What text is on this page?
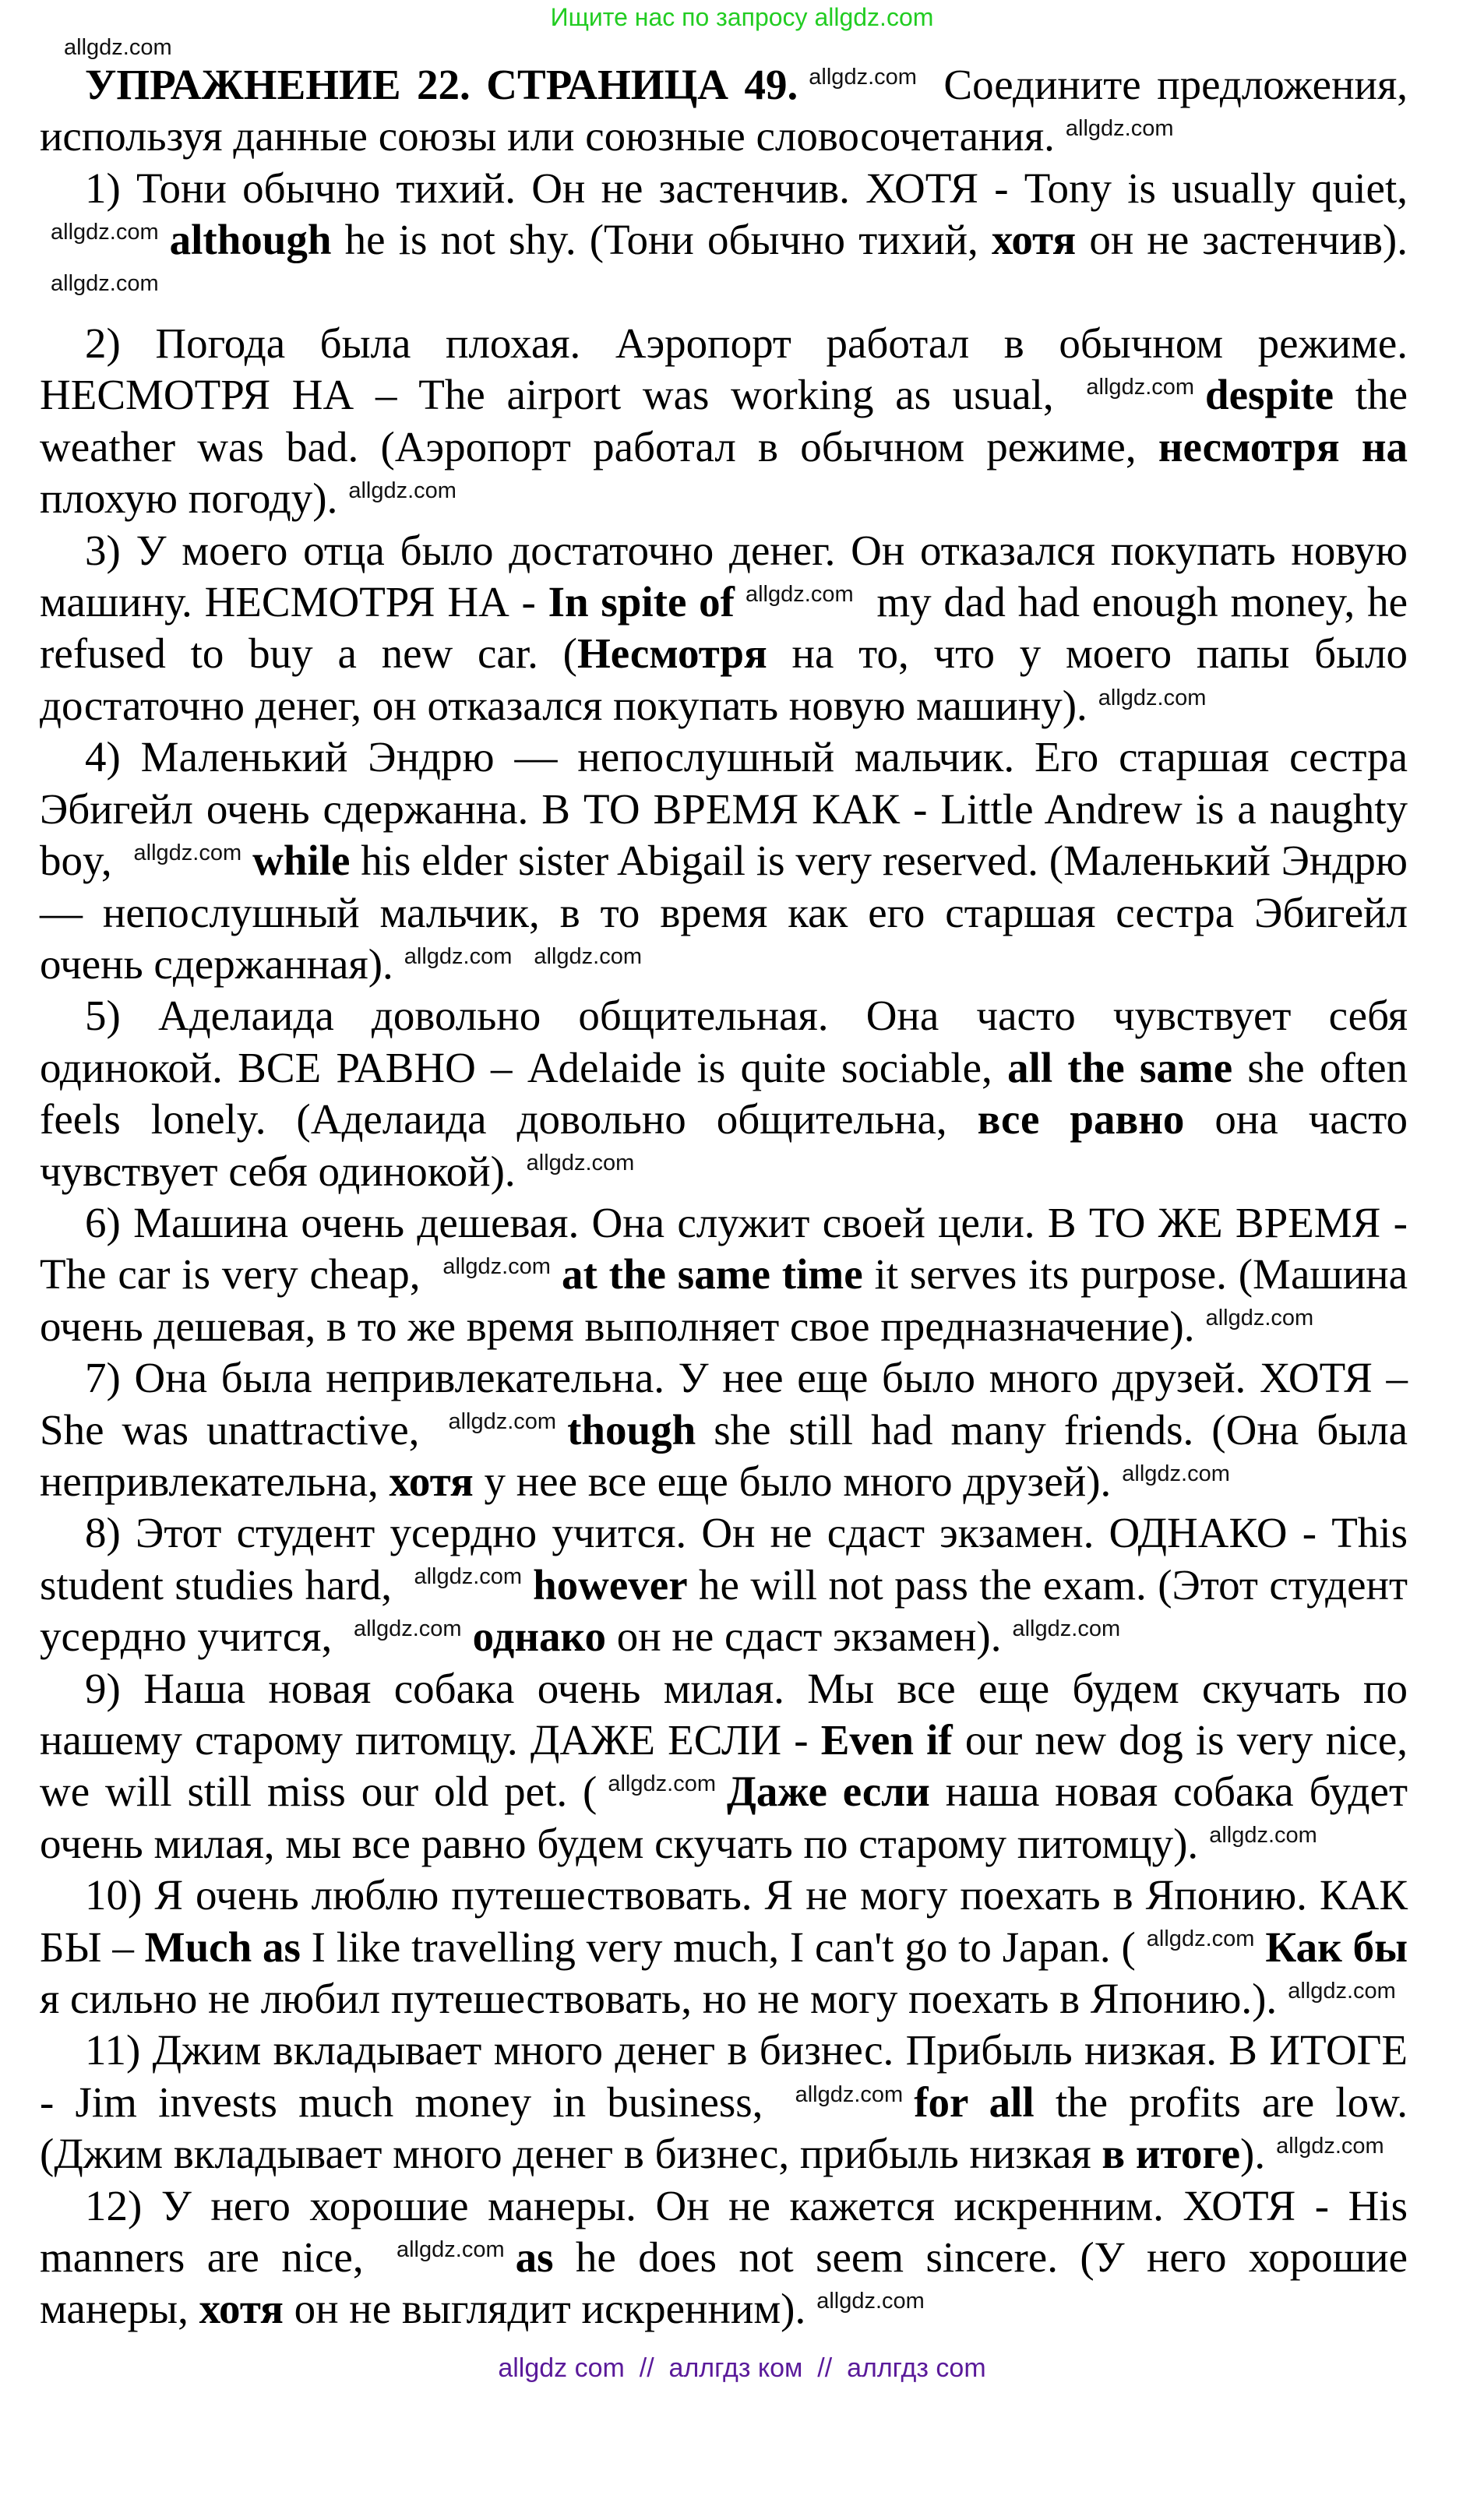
Ищите нас по запросу allgdz.com
allgdz.com

УПРАЖНЕНИЕ 22. СТРАНИЦА 49. allgdz.com Соедините предложения, используя данные союзы или союзные словосочетания. allgdz.com

1) Тони обычно тихий. Он не застенчив. ХОТЯ - Tony is usually quiet, allgdz.com although he is not shy. (Тони обычно тихий, хотя он не застенчив).allgdz.com

2) Погода была плохая. Аэропорт работал в обычном режиме. НЕСМОТРЯ НА – The airport was working as usual, allgdz.com despite the weather was bad. (Аэропорт работал в обычном режиме, несмотря на плохую погоду). allgdz.com

3) У моего отца было достаточно денег. Он отказался покупать новую машину. НЕСМОТРЯ НА - In spite of allgdz.com my dad had enough money, he refused to buy a new car. (Несмотря на то, что у моего папы было достаточно денег, он отказался покупать новую машину). allgdz.com

4) Маленький Эндрю — непослушный мальчик. Его старшая сестра Эбигейл очень сдержанна. В ТО ВРЕМЯ КАК - Little Andrew is a naughty boy, allgdz.com while his elder sister Abigail is very reserved. (Маленький Эндрю — непослушный мальчик, в то время как его старшая сестра Эбигейл очень сдержанная). allgdz.com allgdz.com

5) Аделаида довольно общительная. Она часто чувствует себя одинокой. ВСЕ РАВНО – Adelaide is quite sociable, all the same she often feels lonely. (Аделаида довольно общительна, все равно она часто чувствует себя одинокой). allgdz.com

6) Машина очень дешевая. Она служит своей цели. В ТО ЖЕ ВРЕМЯ - The car is very cheap, allgdz.com at the same time it serves its purpose. (Машина очень дешевая, в то же время выполняет свое предназначение). allgdz.com

7) Она была непривлекательна. У нее еще было много друзей. ХОТЯ – She was unattractive, allgdz.com though she still had many friends. (Она была непривлекательна, хотя у нее все еще было много друзей). allgdz.com

8) Этот студент усердно учится. Он не сдаст экзамен. ОДНАКО - This student studies hard, allgdz.com however he will not pass the exam. (Этот студент усердно учится, allgdz.com однако он не сдаст экзамен). allgdz.com

9) Наша новая собака очень милая. Мы все еще будем скучать по нашему старому питомцу. ДАЖЕ ЕСЛИ - Even if our new dog is very nice, we will still miss our old pet. ( allgdz.com Даже если наша новая собака будет очень милая, мы все равно будем скучать по старому питомцу). allgdz.com

10) Я очень люблю путешествовать. Я не могу поехать в Японию. КАК БЫ – Much as I like travelling very much, I can't go to Japan. ( allgdz.com Как бы я сильно не любил путешествовать, но не могу поехать в Японию.). allgdz.com

11) Джим вкладывает много денег в бизнес. Прибыль низкая. В ИТОГЕ - Jim invests much money in business, allgdz.com for all the profits are low. (Джим вкладывает много денег в бизнес, прибыль низкая в итоге). allgdz.com

12) У него хорошие манеры. Он не кажется искренним. ХОТЯ - His manners are nice, allgdz.com as he does not seem sincere. (У него хорошие манеры, хотя он не выглядит искренним). allgdz.com

allgdz com  //  аллгдз ком  //  аллгдз com
